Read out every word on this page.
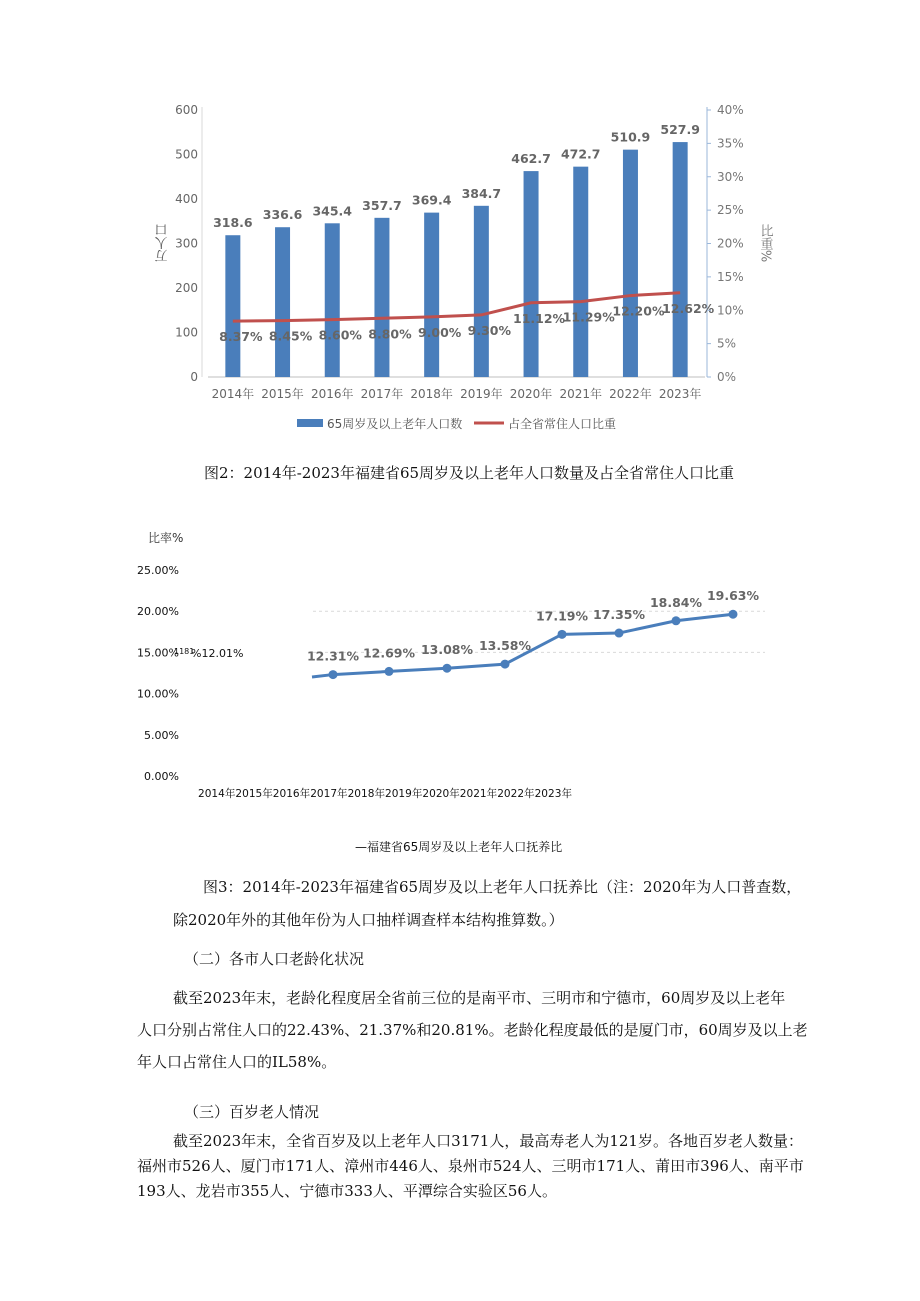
318.6
336.6 345.4 357.7 369.4 384.7
462.7 472.7
510.9
527.9
8.37% 8.45% 8.60% 8.80% 9.00% 9.30%
11.12%
11.29%
12.20%
12.62%
2014年 2015年 2016年 2017年 2018年 2019年 2020年 2021年 2022年 2023年
0
100
200
300
400
500
600
0%
5%
10%
15%
20%
25%
30%
35%
40%
万人口	比重%
65周岁及以上老年人口数	占全省常住人口比重
图2：2014年-2023年福建省65周岁及以上老年人口数量及占全省常住人口比重
比率%
0.00%
5.00%
10.00%
15.00%
20.00%
25.00%
1181
%12.01%	12.31% 12.69% 13.08% 13.58%
17.19% 17.35%
18.84% 19.63%
2014年2015年2016年2017年2018年2019年2020年2021年2022年2023年
—福建省65周岁及以上老年人口抚养比
图3：2014年-2023年福建省65周岁及以上老年人口抚养比（注：2020年为人口普查数，
除2020年外的其他年份为人口抽样调查样本结构推算数。）
（二）各市人口老龄化状况
截至2023年末，老龄化程度居全省前三位的是南平市、三明市和宁德市，60周岁及以上老年
人口分别占常住人口的22.43%、21.37%和20.81%。老龄化程度最低的是厦门市，60周岁及以上老
年人口占常住人口的IL58%。
（三）百岁老人情况
截至2023年末，全省百岁及以上老年人口3171人，最高寿老人为121岁。各地百岁老人数量：
福州市526人、厦门市171人、漳州市446人、泉州市524人、三明市171人、莆田市396人、南平市
193人、龙岩市355人、宁德市333人、平潭综合实验区56人。
